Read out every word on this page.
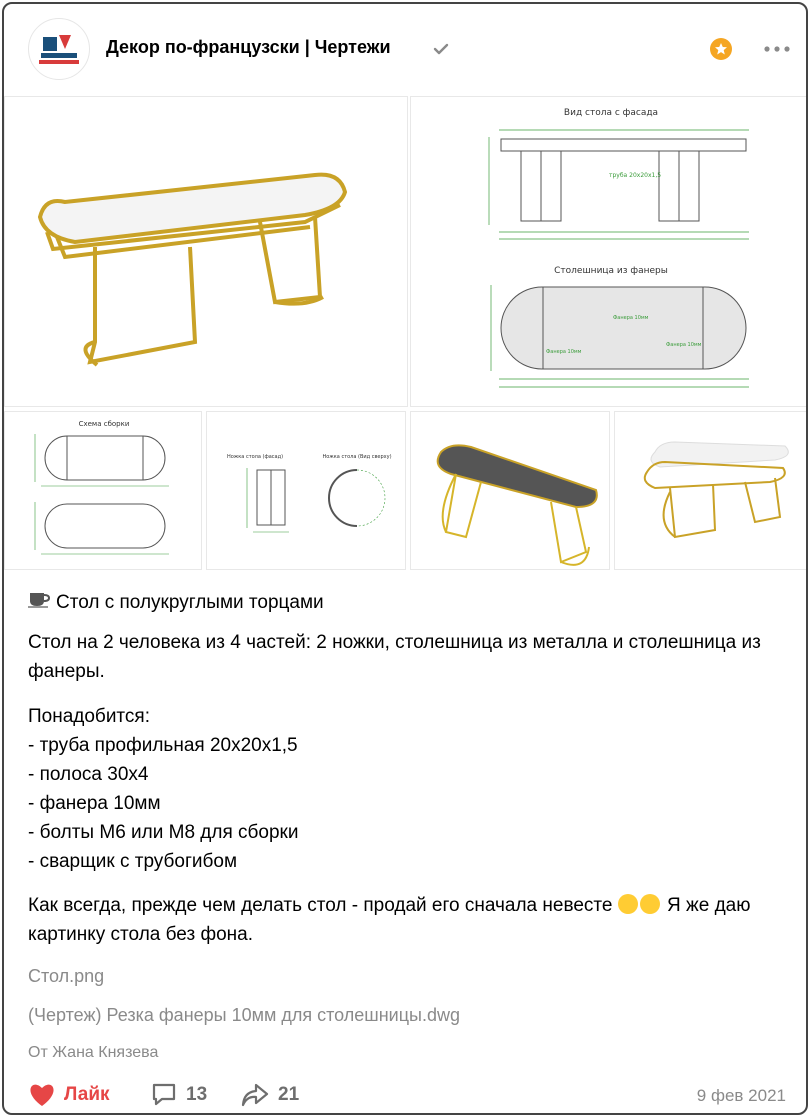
Декор по-французски | Чертежи
Вид стола с фасада
труба 20x20x1,5
Столешница из фанеры
Фанера 10мм
Фанера 10мм
Фанера 10мм
Схема сборки
Ножка стола (фасад)	Ножка стола (Вид сверху)
Стол с полукруглыми торцами
Стол на 2 человека из 4 частей: 2 ножки, столешница из металла и столешница из фанеры.
Понадобится:
- труба профильная 20х20х1,5
- полоса 30х4
- фанера 10мм
- болты М6 или М8 для сборки
- сварщик с трубогибом
Как всегда, прежде чем делать стол - продай его сначала невесте	Я же даю картинку стола без фона.
Стол.png
(Чертеж) Резка фанеры 10мм для столешницы.dwg
От Жана Князева
Лайк	13	21	9 фев 2021
